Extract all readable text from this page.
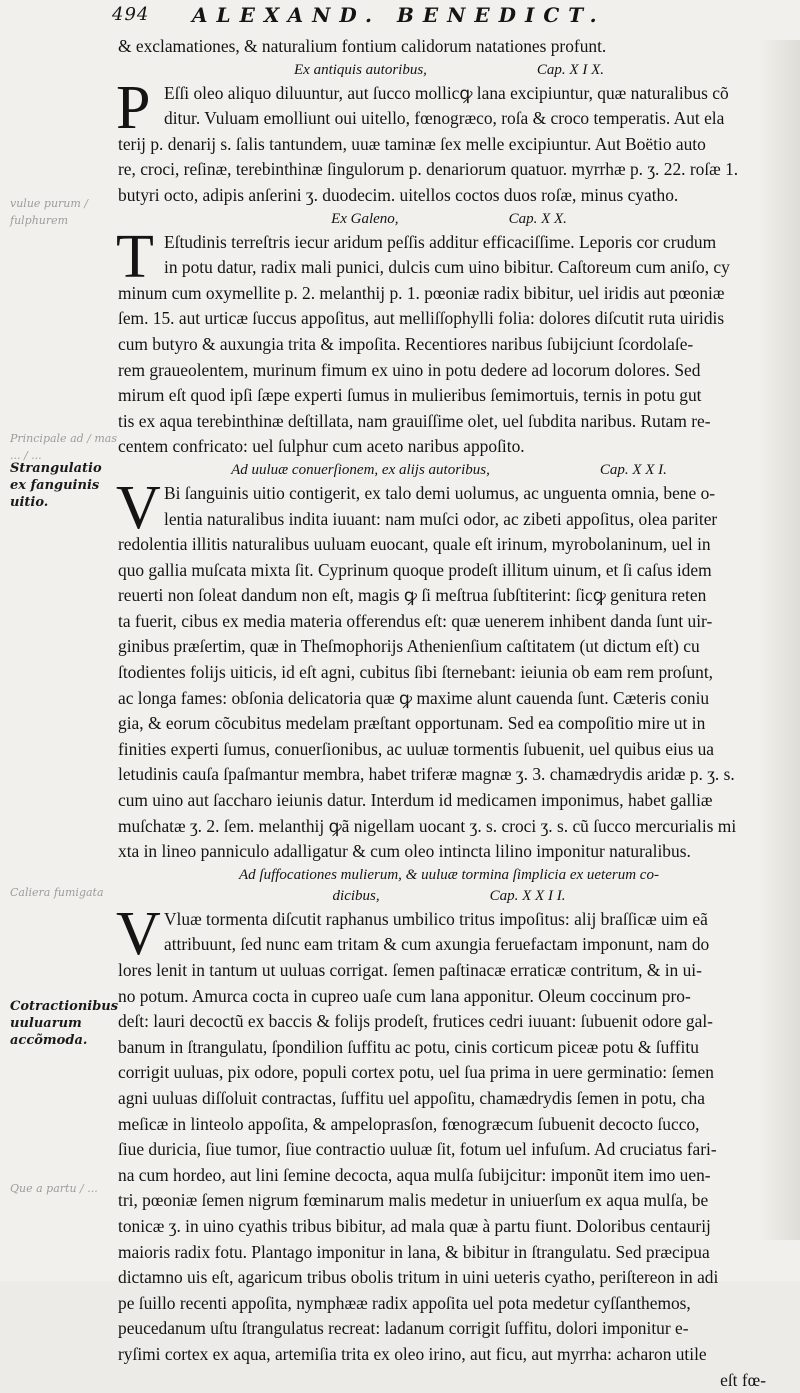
494 ALEXAND. BENEDICT.
vulue purum / fulphurem
Principale ad / mas ... / ...
Strangulatio ex fanguinis uitio.
Caliera fumigata
Cotractionibus uuluarum accõmoda.
Que a partu / ...
& exclamationes, & naturalium fontium calidorum natationes profunt.
Ex antiquis autoribus,	Cap. X I X.
P Eſſi oleo aliquo diluuntur, aut ſucco mollicꝙ lana excipiuntur, quæ naturalibus cõ
ditur. Vuluam emolliunt oui uitello, fœnogræco, roſa & croco temperatis. Aut ela
terij p. denarij s. ſalis tantundem, uuæ taminæ ſex melle excipiuntur. Aut Boëtio auto
re, croci, reſinæ, terebinthinæ ſingulorum p. denariorum quatuor. myrrhæ p. ʒ. 22. roſæ 1.
butyri octo, adipis anſerini ʒ. duodecim. uitellos coctos duos roſæ, minus cyatho.
Ex Galeno,	Cap. X X.
T Eſtudinis terreſtris iecur aridum peſſis additur efficaciſſime. Leporis cor crudum
in potu datur, radix mali punici, dulcis cum uino bibitur. Caſtoreum cum aniſo, cy
minum cum oxymellite p. 2. melanthij p. 1. pœoniæ radix bibitur, uel iridis aut pœoniæ
ſem. 15. aut urticæ ſuccus appoſitus, aut melliſſophylli folia: dolores diſcutit ruta uiridis
cum butyro & auxungia trita & impoſita. Recentiores naribus ſubijciunt ſcordolaſe-
rem graueolentem, murinum fimum ex uino in potu dedere ad locorum dolores. Sed
mirum eſt quod ipſi ſæpe experti ſumus in mulieribus ſemimortuis, ternis in potu gut
tis ex aqua terebinthinæ deſtillata, nam grauiſſime olet, uel ſubdita naribus. Rutam re-
centem confricato: uel ſulphur cum aceto naribus appoſito.
Ad uuluæ conuerſionem, ex alijs autoribus,	Cap. X X I.
V Bi ſanguinis uitio contigerit, ex talo demi uolumus, ac unguenta omnia, bene o-
lentia naturalibus indita iuuant: nam muſci odor, ac zibeti appoſitus, olea pariter
redolentia illitis naturalibus uuluam euocant, quale eſt irinum, myrobolaninum, uel in
quo gallia muſcata mixta ſit. Cyprinum quoque prodeſt illitum uinum, et ſi caſus idem
reuerti non ſoleat dandum non eſt, magis ꝙ ſi meſtrua ſubſtiterint: ſicꝙ genitura reten
ta fuerit, cibus ex media materia offerendus eſt: quæ uenerem inhibent danda ſunt uir-
ginibus præſertim, quæ in Theſmophorijs Athenienſium caſtitatem (ut dictum eſt) cu
ſtodientes folijs uiticis, id eſt agni, cubitus ſibi ſternebant: ieiunia ob eam rem proſunt,
ac longa fames: obſonia delicatoria quæ ꝙ maxime alunt cauenda ſunt. Cæteris coniu
gia, & eorum cõcubitus medelam præſtant opportunam. Sed ea compoſitio mire ut in
finities experti ſumus, conuerſionibus, ac uuluæ tormentis ſubuenit, uel quibus eius ua
letudinis cauſa ſpaſmantur membra, habet triferæ magnæ ʒ. 3. chamædrydis aridæ p. ʒ. s.
cum uino aut ſaccharo ieiunis datur. Interdum id medicamen imponimus, habet galliæ
muſchatæ ʒ. 2. ſem. melanthij ꝙã nigellam uocant ʒ. s. croci ʒ. s. cũ ſucco mercurialis mi
xta in lineo panniculo adalligatur & cum oleo intincta lilino imponitur naturalibus.
Ad ſuffocationes mulierum, & uuluæ tormina ſimplicia ex ueterum co-
dicibus,	Cap. X X I I.
V Vluæ tormenta diſcutit raphanus umbilico tritus impoſitus: alij braſſicæ uim eã
attribuunt, ſed nunc eam tritam & cum axungia feruefactam imponunt, nam do
lores lenit in tantum ut uuluas corrigat. ſemen paſtinacæ erraticæ contritum, & in ui-
no potum. Amurca cocta in cupreo uaſe cum lana apponitur. Oleum coccinum pro-
deſt: lauri decoctũ ex baccis & folijs prodeſt, frutices cedri iuuant: ſubuenit odore gal-
banum in ſtrangulatu, ſpondilion ſuffitu ac potu, cinis corticum piceæ potu & ſuffitu
corrigit uuluas, pix odore, populi cortex potu, uel ſua prima in uere germinatio: ſemen
agni uuluas diſſoluit contractas, ſuffitu uel appoſitu, chamædrydis ſemen in potu, cha
meſicæ in linteolo appoſita, & ampeloprasſon, fœnogræcum ſubuenit decocto ſucco,
ſiue duricia, ſiue tumor, ſiue contractio uuluæ ſit, fotum uel infuſum. Ad cruciatus fari-
na cum hordeo, aut lini ſemine decocta, aqua mulſa ſubijcitur: imponũt item imo uen-
tri, pœoniæ ſemen nigrum fœminarum malis medetur in uniuerſum ex aqua mulſa, be
tonicæ ʒ. in uino cyathis tribus bibitur, ad mala quæ à partu fiunt. Doloribus centaurij
maioris radix fotu. Plantago imponitur in lana, & bibitur in ſtrangulatu. Sed præcipua
dictamno uis eſt, agaricum tribus obolis tritum in uini ueteris cyatho, periſtereon in adi
pe ſuillo recenti appoſita, nymphææ radix appoſita uel pota medetur cyſſanthemos,
peucedanum uſtu ſtrangulatus recreat: ladanum corrigit ſuffitu, dolori imponitur e-
ryſimi cortex ex aqua, artemiſia trita ex oleo irino, aut ficu, aut myrrha: acharon utile
eſt fœ-
